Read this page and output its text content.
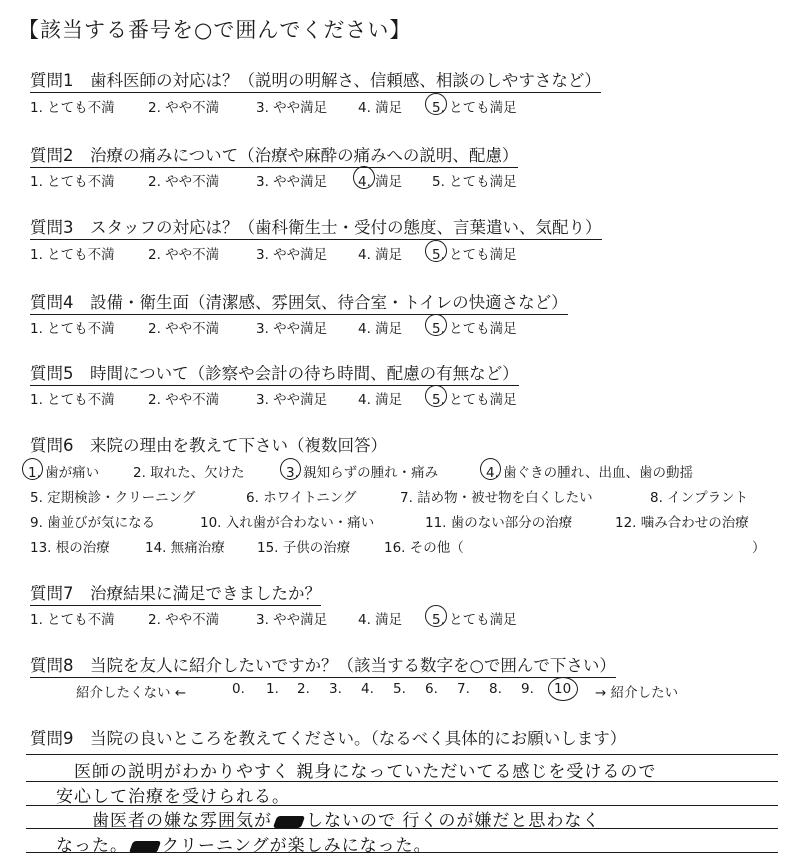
【該当する番号を○で囲んでください】
質問1　歯科医師の対応は？（説明の明解さ、信頼感、相談のしやすさなど）
1. とても不満 2. やや不満	3. やや満足 4. 満足 5. とても満足
質問2　治療の痛みについて（治療や麻酔の痛みへの説明、配慮）
1. とても不満 2. やや不満	3. やや満足 4. 満足 5. とても満足
質問3　スタッフの対応は？（歯科衛生士・受付の態度、言葉遣い、気配り）
1. とても不満 2. やや不満	3. やや満足 4. 満足 5. とても満足
質問4　設備・衛生面（清潔感、雰囲気、待合室・トイレの快適さなど）
1. とても不満 2. やや不満	3. やや満足 4. 満足 5. とても満足
質問5　時間について（診察や会計の待ち時間、配慮の有無など）
1. とても不満 2. やや不満	3. やや満足 4. 満足 5. とても満足
質問6　来院の理由を教えて下さい（複数回答）
1. 歯が痛い	2. 取れた、欠けた	3. 親知らずの腫れ・痛み	4. 歯ぐきの腫れ、出血、歯の動揺
5. 定期検診・クリーニング	6. ホワイトニング	7. 詰め物・被せ物を白くしたい	8. インプラント
9. 歯並びが気になる	10. 入れ歯が合わない・痛い	11. 歯のない部分の治療	12. 噛み合わせの治療
13. 根の治療	14. 無痛治療 15. 子供の治療 16. その他（	）
質問7　治療結果に満足できましたか？
1. とても不満 2. やや不満	3. やや満足 4. 満足 5. とても満足
質問8　当院を友人に紹介したいですか？（該当する数字を○で囲んで下さい）
紹介したくない ←	0. 1. 2. 3. 4. 5. 6. 7. 8. 9. 10 → 紹介したい
質問9　当院の良いところを教えてください。（なるべく具体的にお願いします）
医師の説明がわかりやすく 親身になっていただいてる感じを受けるので
安心して治療を受けられる。
歯医者の嫌な雰囲気が しないので 行くのが嫌だと思わなく
なった。 クリーニングが楽しみになった。
